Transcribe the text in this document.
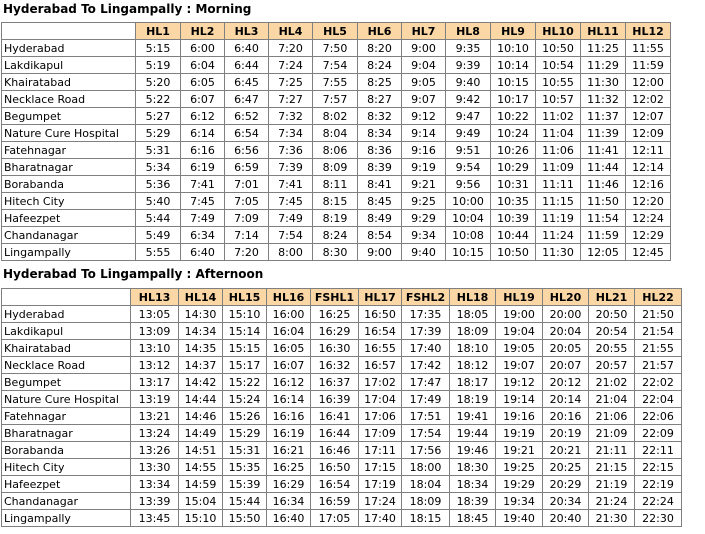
Hyderabad To Lingampally : Morning
	HL1	HL2	HL3	HL4	HL5	HL6	HL7	HL8	HL9	HL10	HL11	HL12
Hyderabad	5:15	6:00	6:40	7:20	7:50	8:20	9:00	9:35	10:10	10:50	11:25	11:55
Lakdikapul	5:19	6:04	6:44	7:24	7:54	8:24	9:04	9:39	10:14	10:54	11:29	11:59
Khairatabad	5:20	6:05	6:45	7:25	7:55	8:25	9:05	9:40	10:15	10:55	11:30	12:00
Necklace Road	5:22	6:07	6:47	7:27	7:57	8:27	9:07	9:42	10:17	10:57	11:32	12:02
Begumpet	5:27	6:12	6:52	7:32	8:02	8:32	9:12	9:47	10:22	11:02	11:37	12:07
Nature Cure Hospital	5:29	6:14	6:54	7:34	8:04	8:34	9:14	9:49	10:24	11:04	11:39	12:09
Fatehnagar	5:31	6:16	6:56	7:36	8:06	8:36	9:16	9:51	10:26	11:06	11:41	12:11
Bharatnagar	5:34	6:19	6:59	7:39	8:09	8:39	9:19	9:54	10:29	11:09	11:44	12:14
Borabanda	5:36	7:41	7:01	7:41	8:11	8:41	9:21	9:56	10:31	11:11	11:46	12:16
Hitech City	5:40	7:45	7:05	7:45	8:15	8:45	9:25	10:00	10:35	11:15	11:50	12:20
Hafeezpet	5:44	7:49	7:09	7:49	8:19	8:49	9:29	10:04	10:39	11:19	11:54	12:24
Chandanagar	5:49	6:34	7:14	7:54	8:24	8:54	9:34	10:08	10:44	11:24	11:59	12:29
Lingampally	5:55	6:40	7:20	8:00	8:30	9:00	9:40	10:15	10:50	11:30	12:05	12:45
Hyderabad To Lingampally : Afternoon
	HL13	HL14	HL15	HL16	FSHL1	HL17	FSHL2	HL18	HL19	HL20	HL21	HL22
Hyderabad	13:05	14:30	15:10	16:00	16:25	16:50	17:35	18:05	19:00	20:00	20:50	21:50
Lakdikapul	13:09	14:34	15:14	16:04	16:29	16:54	17:39	18:09	19:04	20:04	20:54	21:54
Khairatabad	13:10	14:35	15:15	16:05	16:30	16:55	17:40	18:10	19:05	20:05	20:55	21:55
Necklace Road	13:12	14:37	15:17	16:07	16:32	16:57	17:42	18:12	19:07	20:07	20:57	21:57
Begumpet	13:17	14:42	15:22	16:12	16:37	17:02	17:47	18:17	19:12	20:12	21:02	22:02
Nature Cure Hospital	13:19	14:44	15:24	16:14	16:39	17:04	17:49	18:19	19:14	20:14	21:04	22:04
Fatehnagar	13:21	14:46	15:26	16:16	16:41	17:06	17:51	19:41	19:16	20:16	21:06	22:06
Bharatnagar	13:24	14:49	15:29	16:19	16:44	17:09	17:54	19:44	19:19	20:19	21:09	22:09
Borabanda	13:26	14:51	15:31	16:21	16:46	17:11	17:56	19:46	19:21	20:21	21:11	22:11
Hitech City	13:30	14:55	15:35	16:25	16:50	17:15	18:00	18:30	19:25	20:25	21:15	22:15
Hafeezpet	13:34	14:59	15:39	16:29	16:54	17:19	18:04	18:34	19:29	20:29	21:19	22:19
Chandanagar	13:39	15:04	15:44	16:34	16:59	17:24	18:09	18:39	19:34	20:34	21:24	22:24
Lingampally	13:45	15:10	15:50	16:40	17:05	17:40	18:15	18:45	19:40	20:40	21:30	22:30
